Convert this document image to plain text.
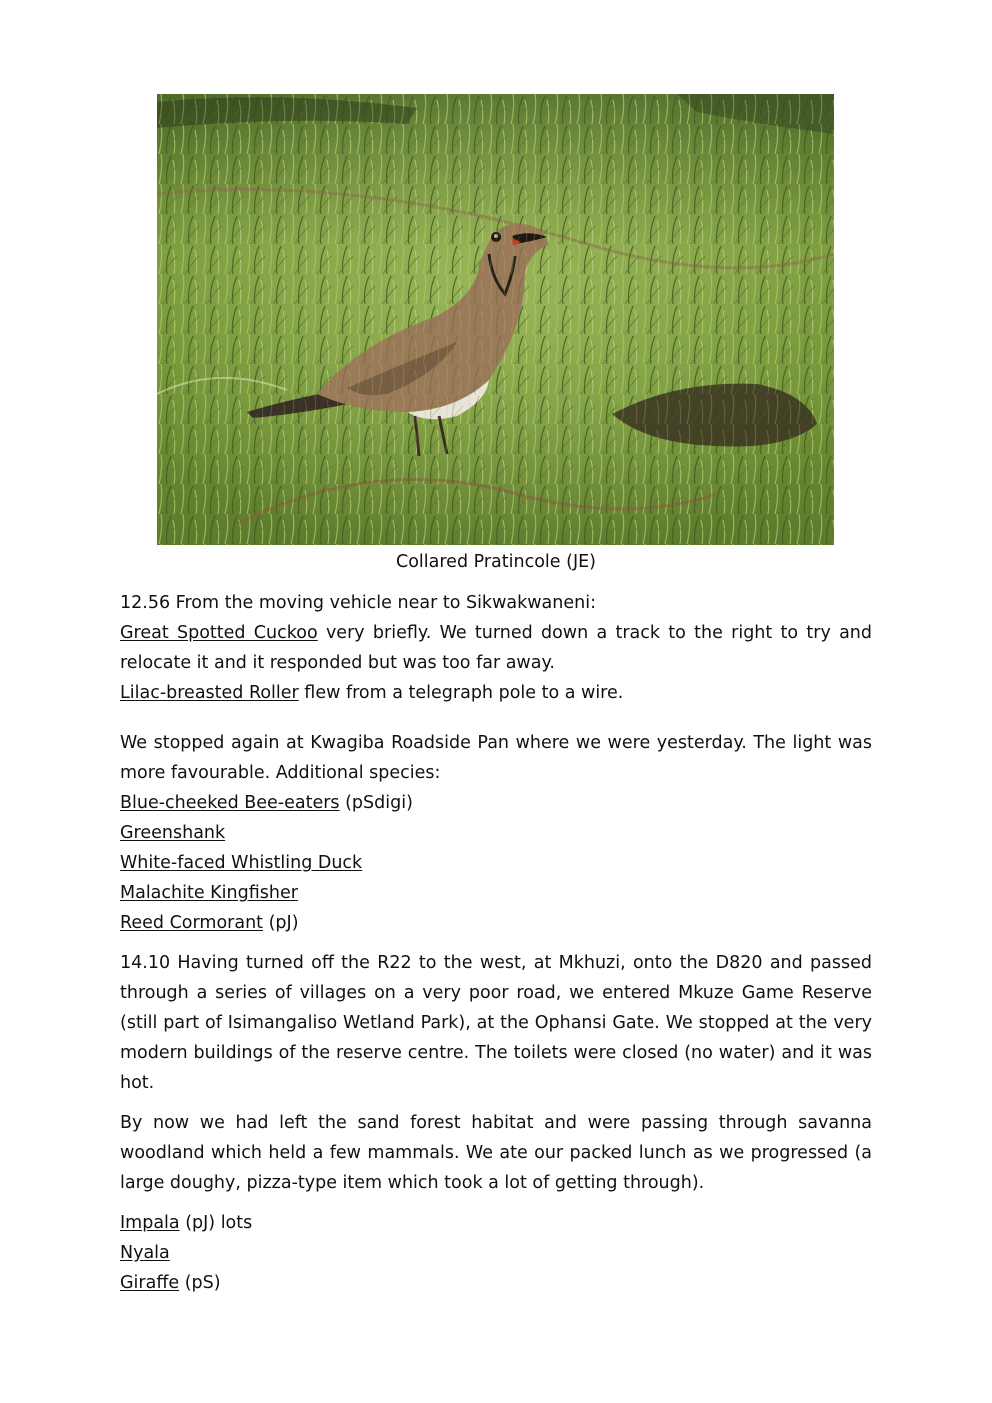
Collared Pratincole (JE)

12.56 From the moving vehicle near to Sikwakwaneni:

Great Spotted Cuckoo very briefly. We turned down a track to the right to try and relocate it and it responded but was too far away.

Lilac-breasted Roller flew from a telegraph pole to a wire.

We stopped again at Kwagiba Roadside Pan where we were yesterday. The light was more favourable. Additional species:

Blue-cheeked Bee-eaters (pSdigi)

Greenshank

White-faced Whistling Duck

Malachite Kingfisher

Reed Cormorant (pJ)

14.10 Having turned off the R22 to the west, at Mkhuzi, onto the D820 and passed through a series of villages on a very poor road, we entered Mkuze Game Reserve (still part of Isimangaliso Wetland Park), at the Ophansi Gate. We stopped at the very modern buildings of the reserve centre. The toilets were closed (no water) and it was hot.

By now we had left the sand forest habitat and were passing through savanna woodland which held a few mammals. We ate our packed lunch as we progressed (a large doughy, pizza-type item which took a lot of getting through).

Impala (pJ) lots

Nyala

Giraffe (pS)
